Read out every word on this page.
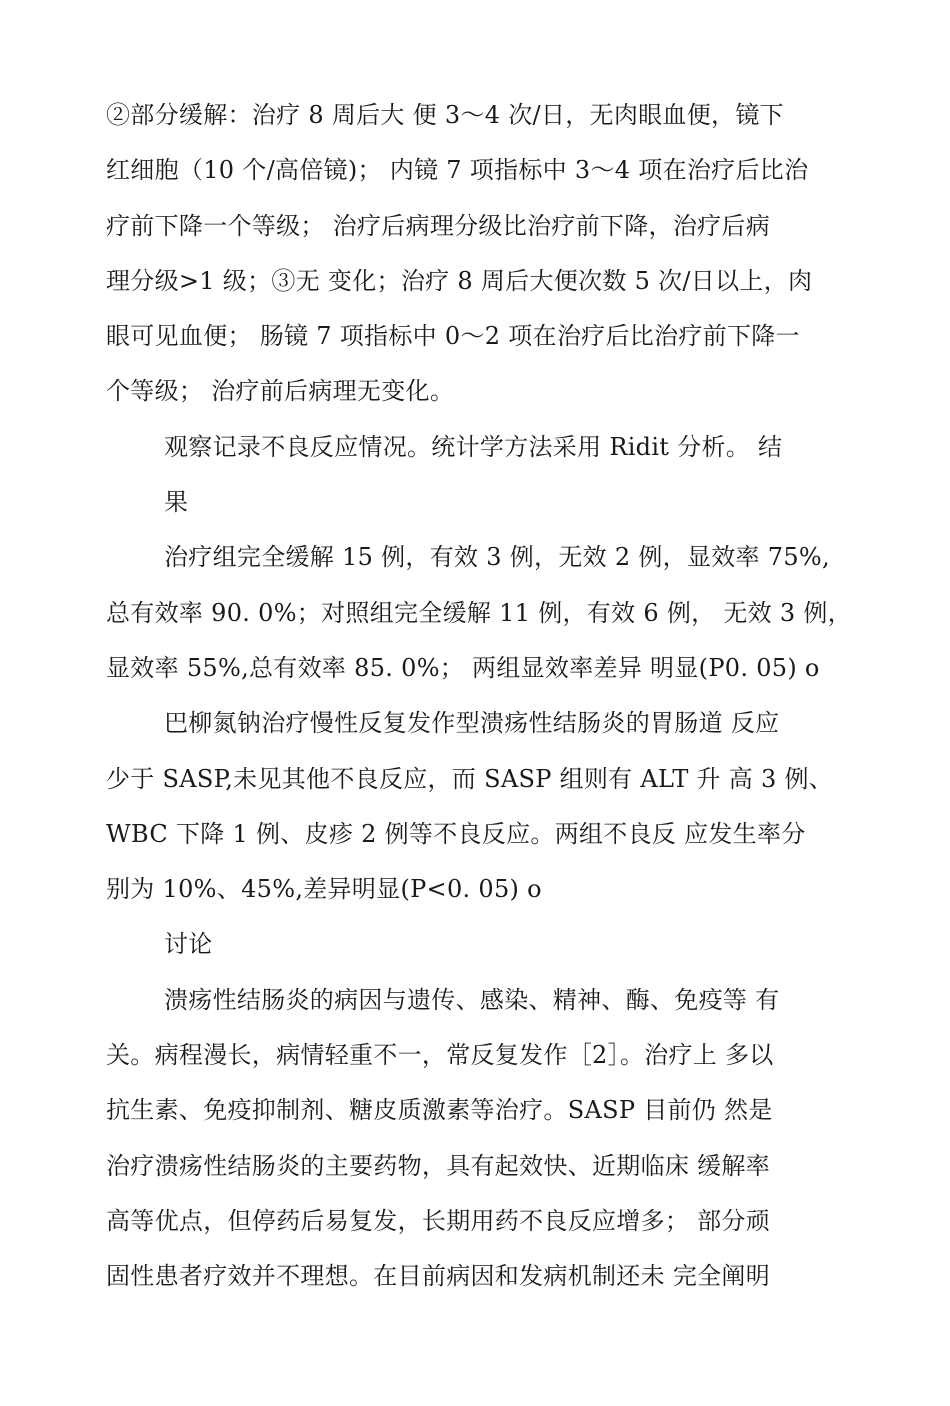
②部分缓解：治疗 8 周后大 便 3〜4 次/日，无肉眼血便，镜下
红细胞（10 个/高倍镜)； 内镜 7 项指标中 3〜4 项在治疗后比治
疗前下降一个等级； 治疗后病理分级比治疗前下降，治疗后病
理分级>1 级；③无 变化；治疗 8 周后大便次数 5 次/日以上，肉
眼可见血便； 肠镜 7 项指标中 0〜2 项在治疗后比治疗前下降一
个等级； 治疗前后病理无变化。
观察记录不良反应情况。统计学方法采用 Ridit 分析。 结
果
治疗组完全缓解 15 例，有效 3 例，无效 2 例，显效率 75%,
总有效率 90. 0%；对照组完全缓解 11 例，有效 6 例， 无效 3 例，
显效率 55%,总有效率 85. 0%； 两组显效率差异 明显(P0. 05) o
巴柳氮钠治疗慢性反复发作型溃疡性结肠炎的胃肠道 反应
少于 SASP,未见其他不良反应，而 SASP 组则有 ALT 升 高 3 例、
WBC 下降 1 例、皮疹 2 例等不良反应。两组不良反 应发生率分
别为 10%、45%,差异明显(P<0. 05) o
讨论
溃疡性结肠炎的病因与遗传、感染、精神、酶、免疫等 有
关。病程漫长，病情轻重不一，常反复发作［2］。治疗上 多以
抗生素、免疫抑制剂、糖皮质激素等治疗。SASP 目前仍 然是
治疗溃疡性结肠炎的主要药物，具有起效快、近期临床 缓解率
高等优点，但停药后易复发，长期用药不良反应增多； 部分顽
固性患者疗效并不理想。在目前病因和发病机制还未 完全阐明
